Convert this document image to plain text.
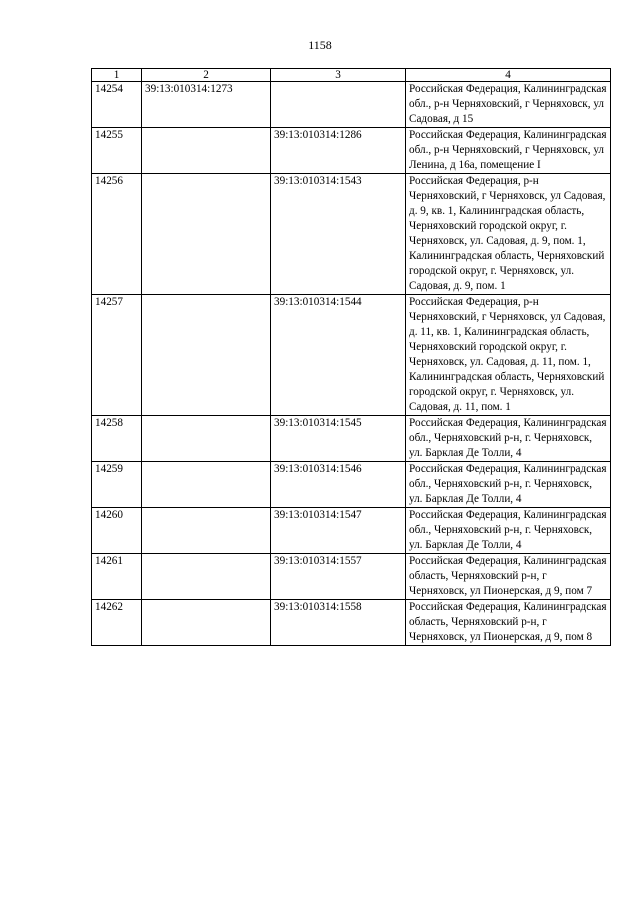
1158
1	2	3	4
14254	39:13:010314:1273		Российская Федерация, Калининградская обл., р-н Черняховский, г Черняховск, ул Садовая, д 15
14255		39:13:010314:1286	Российская Федерация, Калининградская обл., р-н Черняховский, г Черняховск, ул Ленина, д 16а, помещение I
14256		39:13:010314:1543	Российская Федерация, р-н Черняховский, г Черняховск, ул Садовая, д. 9, кв. 1, Калининградская область, Черняховский городской округ, г. Черняховск, ул. Садовая, д. 9, пом. 1, Калининградская область, Черняховский городской округ, г. Черняховск, ул. Садовая, д. 9, пом. 1
14257		39:13:010314:1544	Российская Федерация, р-н Черняховский, г Черняховск, ул Садовая, д. 11, кв. 1, Калининградская область, Черняховский городской округ, г. Черняховск, ул. Садовая, д. 11, пом. 1, Калининградская область, Черняховский городской округ, г. Черняховск, ул. Садовая, д. 11, пом. 1
14258		39:13:010314:1545	Российская Федерация, Калининградская обл., Черняховский р-н, г. Черняховск, ул. Барклая Де Толли, 4
14259		39:13:010314:1546	Российская Федерация, Калининградская обл., Черняховский р-н, г. Черняховск, ул. Барклая Де Толли, 4
14260		39:13:010314:1547	Российская Федерация, Калининградская обл., Черняховский р-н, г. Черняховск, ул. Барклая Де Толли, 4
14261		39:13:010314:1557	Российская Федерация, Калининградская область, Черняховский р-н, г Черняховск, ул Пионерская, д 9, пом 7
14262		39:13:010314:1558	Российская Федерация, Калининградская область, Черняховский р-н, г Черняховск, ул Пионерская, д 9, пом 8
